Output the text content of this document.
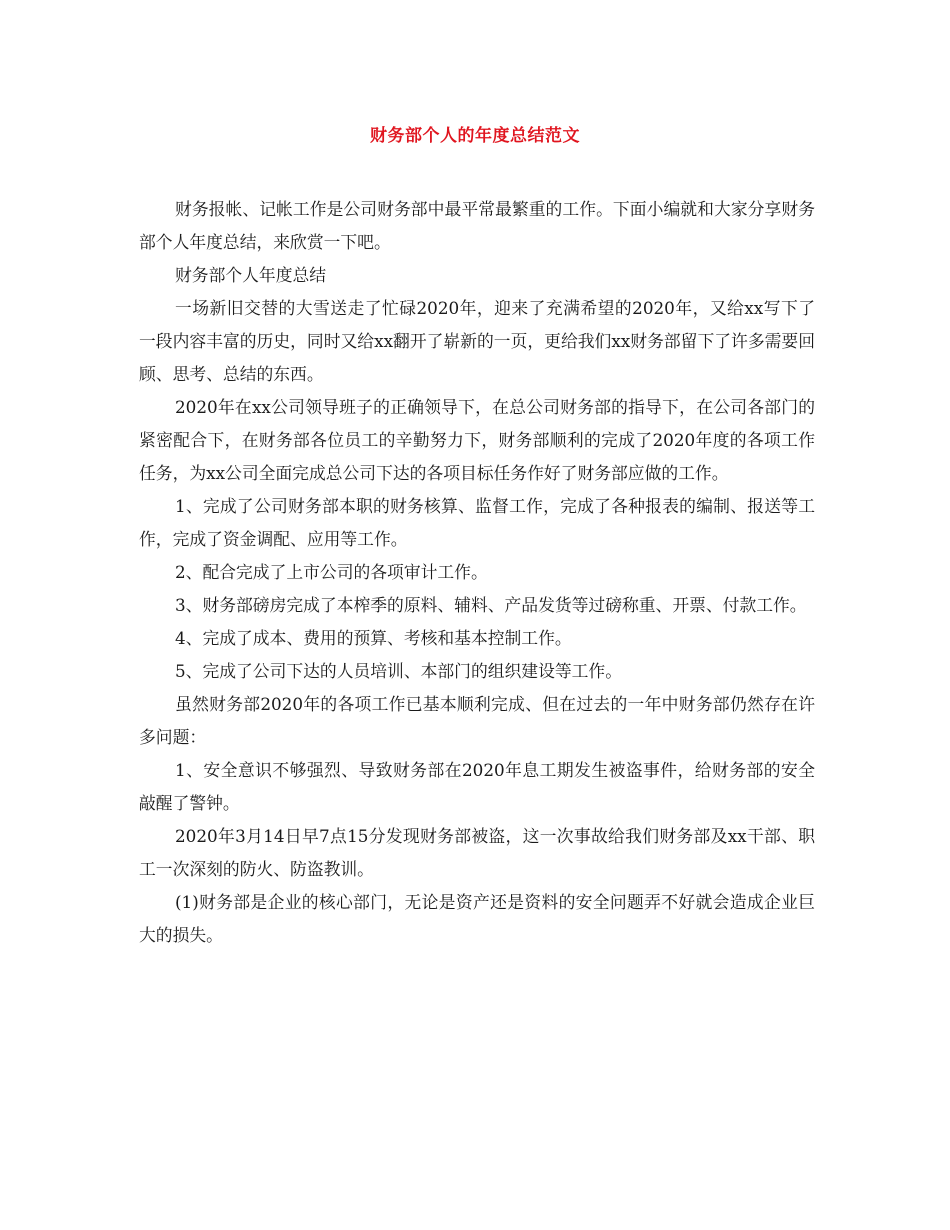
财务部个人的年度总结范文

财务报帐、记帐工作是公司财务部中最平常最繁重的工作。下面小编就和大家分享财务部个人年度总结，来欣赏一下吧。

财务部个人年度总结

一场新旧交替的大雪送走了忙碌2020年，迎来了充满希望的2020年，又给xx写下了一段内容丰富的历史，同时又给xx翻开了崭新的一页，更给我们xx财务部留下了许多需要回顾、思考、总结的东西。

2020年在xx公司领导班子的正确领导下，在总公司财务部的指导下，在公司各部门的紧密配合下，在财务部各位员工的辛勤努力下，财务部顺利的完成了2020年度的各项工作任务，为xx公司全面完成总公司下达的各项目标任务作好了财务部应做的工作。

1、完成了公司财务部本职的财务核算、监督工作，完成了各种报表的编制、报送等工作，完成了资金调配、应用等工作。

2、配合完成了上市公司的各项审计工作。

3、财务部磅房完成了本榨季的原料、辅料、产品发货等过磅称重、开票、付款工作。

4、完成了成本、费用的预算、考核和基本控制工作。

5、完成了公司下达的人员培训、本部门的组织建设等工作。

虽然财务部2020年的各项工作已基本顺利完成、但在过去的一年中财务部仍然存在许多问题：

1、安全意识不够强烈、导致财务部在2020年息工期发生被盗事件，给财务部的安全敲醒了警钟。

2020年3月14日早7点15分发现财务部被盗，这一次事故给我们财务部及xx干部、职工一次深刻的防火、防盗教训。

(1)财务部是企业的核心部门，无论是资产还是资料的安全问题弄不好就会造成企业巨大的损失。
